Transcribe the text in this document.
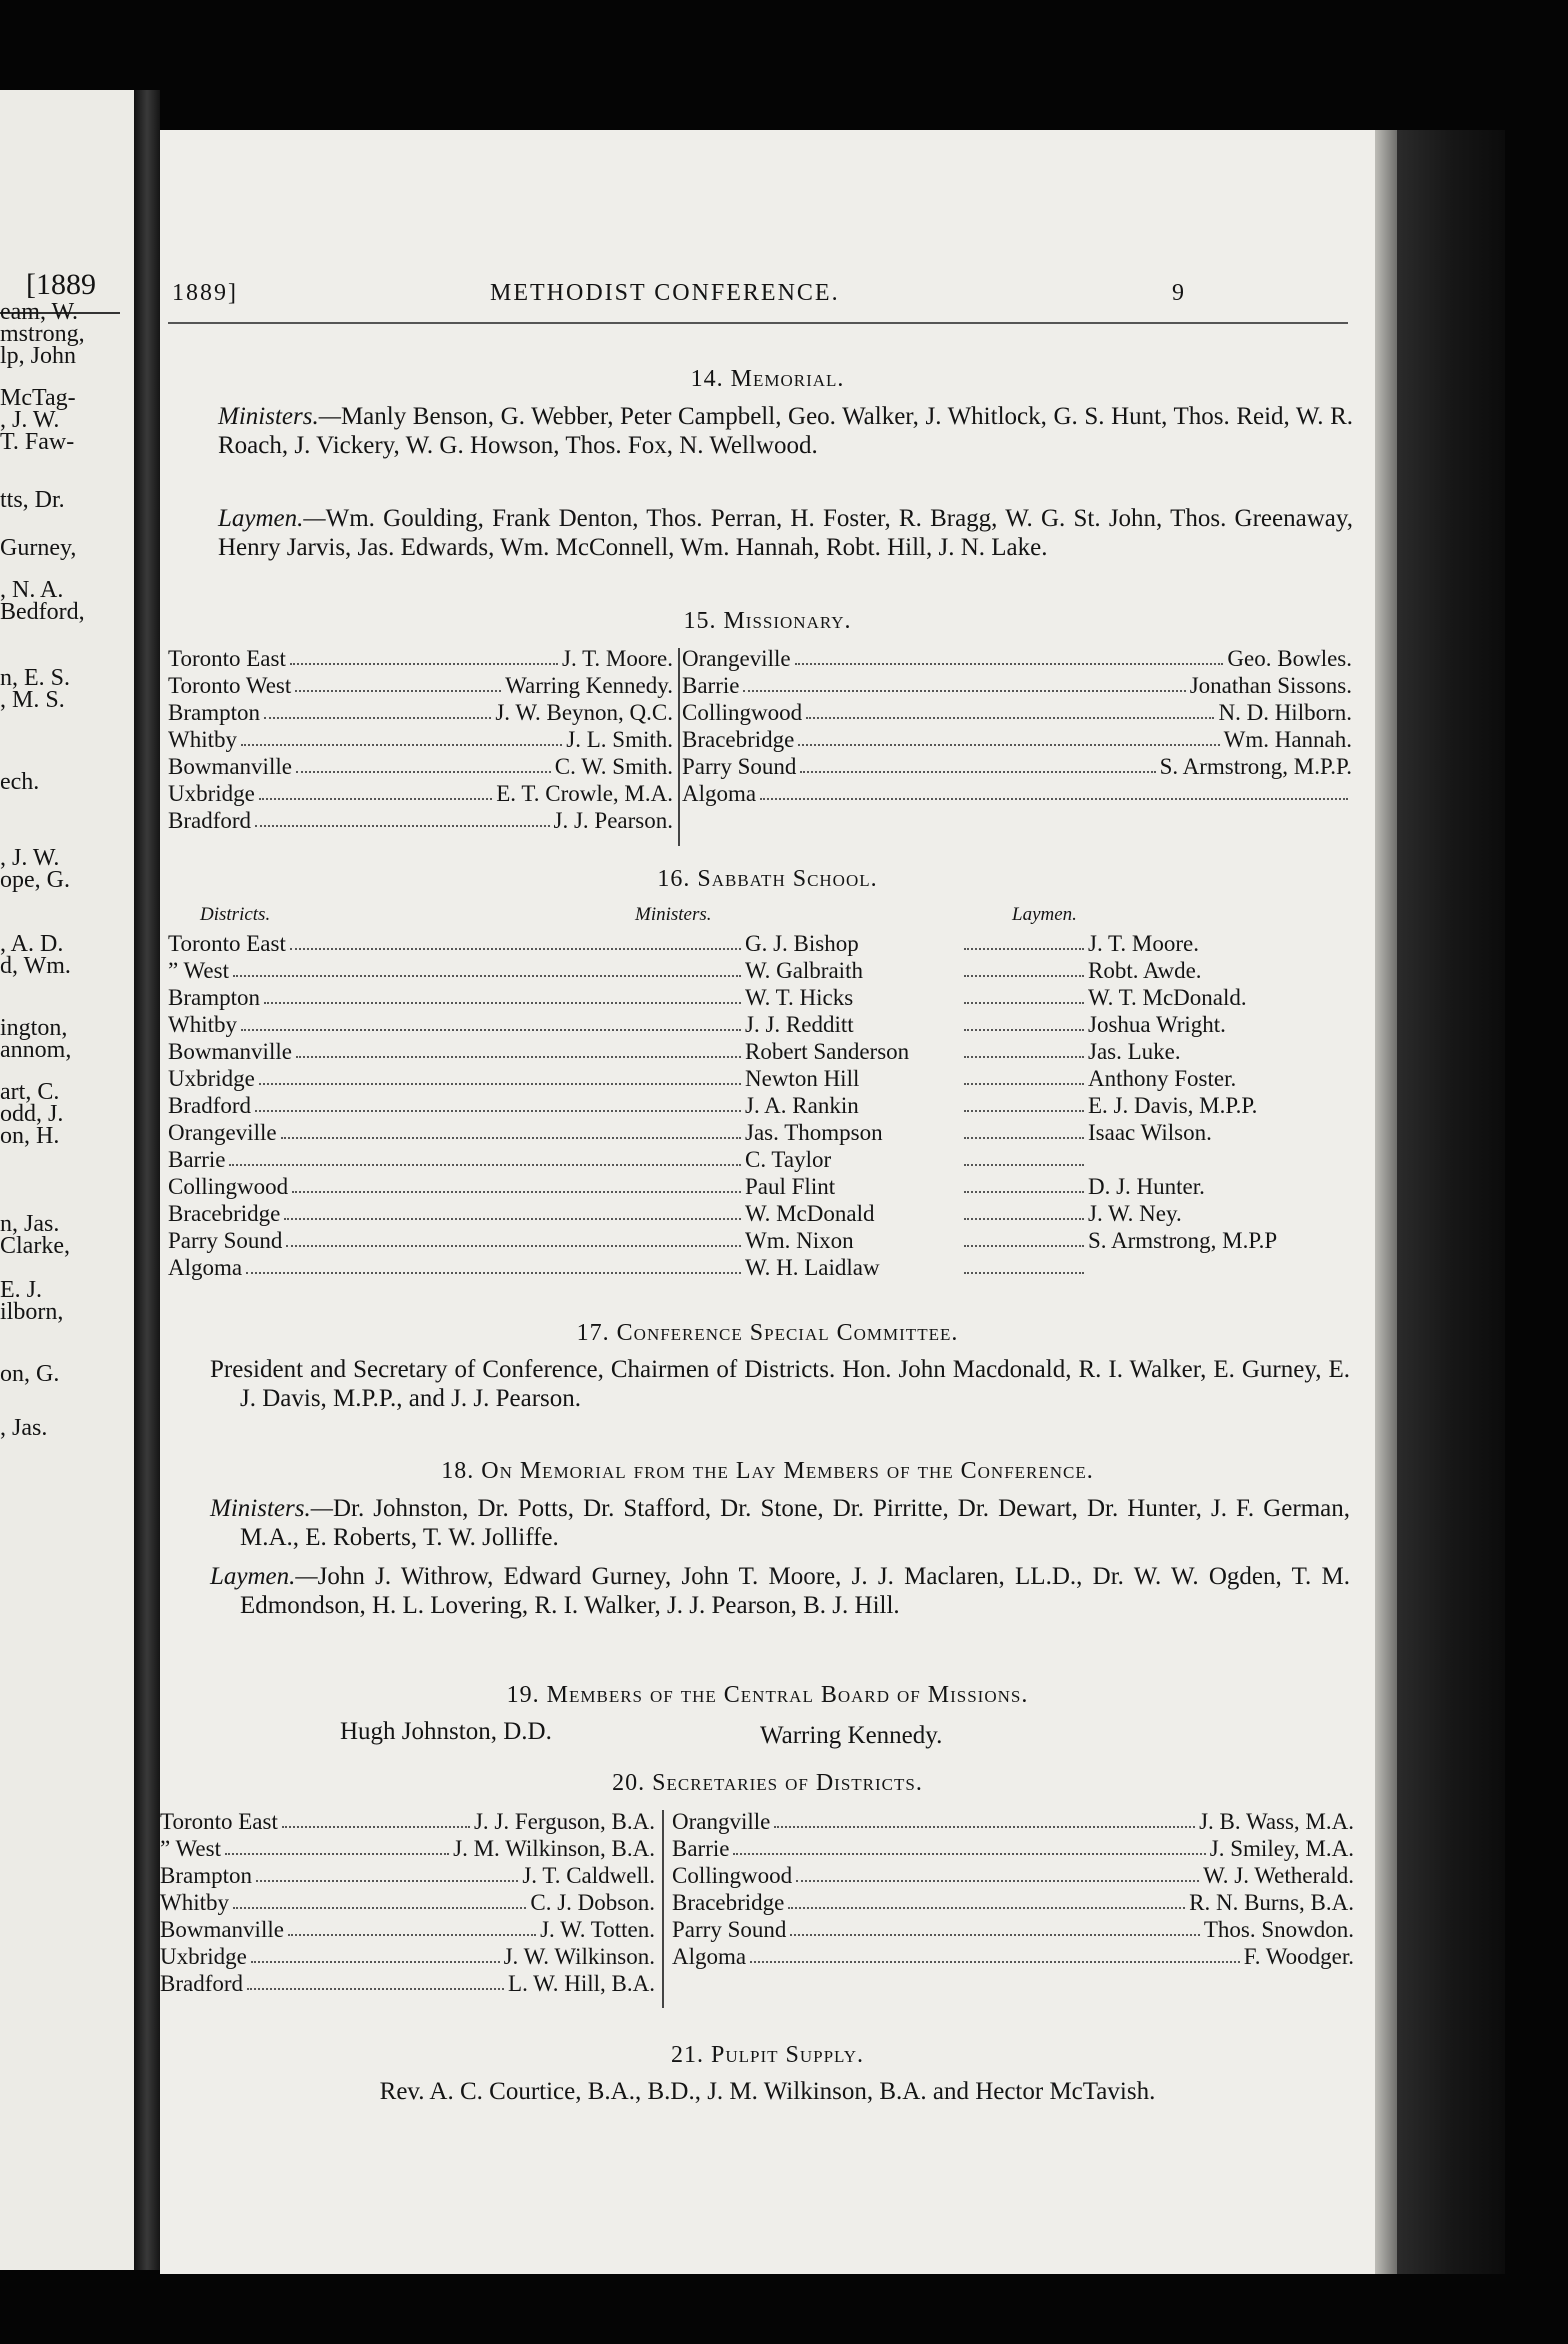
[1889
eam, W.
mstrong,
lp, John
McTag-
, J. W.
T. Faw-
tts, Dr.
Gurney,
, N. A.
Bedford,
n, E. S.
, M. S.
ech.
, J. W.
ope, G.
, A. D.
d, Wm.
ington,
annom,
art, C.
odd, J.
on, H.
n, Jas.
Clarke,
E. J.
ilborn,
on, G.
, Jas.
1889]	METHODIST CONFERENCE.	9
14. Memorial.
Ministers.—Manly Benson, G. Webber, Peter Campbell, Geo. Walker, J. Whitlock, G. S. Hunt, Thos. Reid, W. R. Roach, J. Vickery, W. G. Howson, Thos. Fox, N. Wellwood.
Laymen.—Wm. Goulding, Frank Denton, Thos. Perran, H. Foster, R. Bragg, W. G. St. John, Thos. Greenaway, Henry Jarvis, Jas. Edwards, Wm. McConnell, Wm. Hannah, Robt. Hill, J. N. Lake.
15. Missionary.
Toronto East	J. T. Moore.
Toronto West	Warring Kennedy.
Brampton	J. W. Beynon, Q.C.
Whitby	J. L. Smith.
Bowmanville	C. W. Smith.
Uxbridge	E. T. Crowle, M.A.
Bradford	J. J. Pearson.
Orangeville	Geo. Bowles.
Barrie	Jonathan Sissons.
Collingwood	N. D. Hilborn.
Bracebridge	Wm. Hannah.
Parry Sound	S. Armstrong, M.P.P.
Algoma
16. Sabbath School.
Districts.	Ministers.	Laymen.
Toronto East	G. J. Bishop	J. T. Moore.
” West	W. Galbraith	Robt. Awde.
Brampton	W. T. Hicks	W. T. McDonald.
Whitby	J. J. Redditt	Joshua Wright.
Bowmanville	Robert Sanderson	Jas. Luke.
Uxbridge	Newton Hill	Anthony Foster.
Bradford	J. A. Rankin	E. J. Davis, M.P.P.
Orangeville	Jas. Thompson	Isaac Wilson.
Barrie	C. Taylor
Collingwood	Paul Flint	D. J. Hunter.
Bracebridge	W. McDonald	J. W. Ney.
Parry Sound	Wm. Nixon	S. Armstrong, M.P.P
Algoma	W. H. Laidlaw
17. Conference Special Committee.
President and Secretary of Conference, Chairmen of Districts. Hon. John Macdonald, R. I. Walker, E. Gurney, E. J. Davis, M.P.P., and J. J. Pearson.
18. On Memorial from the Lay Members of the Conference.
Ministers.—Dr. Johnston, Dr. Potts, Dr. Stafford, Dr. Stone, Dr. Pirritte, Dr. Dewart, Dr. Hunter, J. F. German, M.A., E. Roberts, T. W. Jolliffe.
Laymen.—John J. Withrow, Edward Gurney, John T. Moore, J. J. Maclaren, LL.D., Dr. W. W. Ogden, T. M. Edmondson, H. L. Lovering, R. I. Walker, J. J. Pearson, B. J. Hill.
19. Members of the Central Board of Missions.
Hugh Johnston, D.D.	Warring Kennedy.
20. Secretaries of Districts.
Toronto East	J. J. Ferguson, B.A.
” West	J. M. Wilkinson, B.A.
Brampton	J. T. Caldwell.
Whitby	C. J. Dobson.
Bowmanville	J. W. Totten.
Uxbridge	J. W. Wilkinson.
Bradford	L. W. Hill, B.A.
Orangville	J. B. Wass, M.A.
Barrie	J. Smiley, M.A.
Collingwood	W. J. Wetherald.
Bracebridge	R. N. Burns, B.A.
Parry Sound	Thos. Snowdon.
Algoma	F. Woodger.
21. Pulpit Supply.
Rev. A. C. Courtice, B.A., B.D., J. M. Wilkinson, B.A. and Hector McTavish.
